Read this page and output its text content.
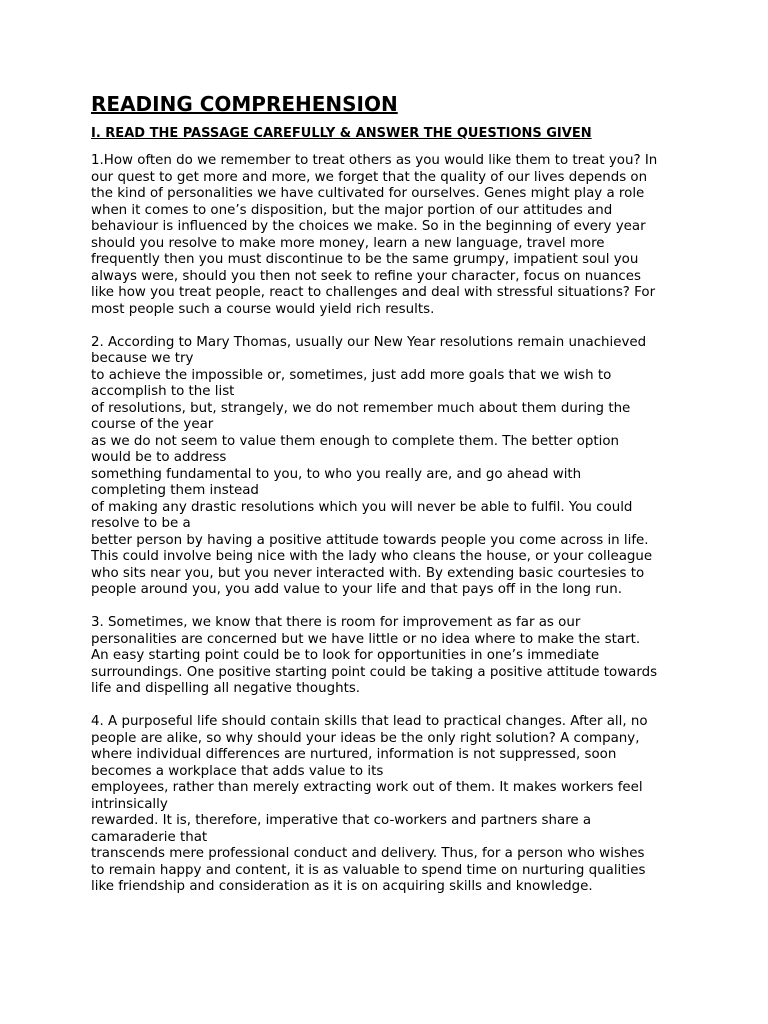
READING COMPREHENSION
I. READ THE PASSAGE CAREFULLY & ANSWER THE QUESTIONS GIVEN
1.How often do we remember to treat others as you would like them to treat you? In
our quest to get more and more, we forget that the quality of our lives depends on
the kind of personalities we have cultivated for ourselves. Genes might play a role
when it comes to one’s disposition, but the major portion of our attitudes and
behaviour is influenced by the choices we make. So in the beginning of every year
should you resolve to make more money, learn a new language, travel more
frequently then you must discontinue to be the same grumpy, impatient soul you
always were, should you then not seek to refine your character, focus on nuances
like how you treat people, react to challenges and deal with stressful situations? For
most people such a course would yield rich results.
2. According to Mary Thomas, usually our New Year resolutions remain unachieved
because we try
to achieve the impossible or, sometimes, just add more goals that we wish to
accomplish to the list
of resolutions, but, strangely, we do not remember much about them during the
course of the year
as we do not seem to value them enough to complete them. The better option
would be to address
something fundamental to you, to who you really are, and go ahead with
completing them instead
of making any drastic resolutions which you will never be able to fulfil. You could
resolve to be a
better person by having a positive attitude towards people you come across in life.
This could involve being nice with the lady who cleans the house, or your colleague
who sits near you, but you never interacted with. By extending basic courtesies to
people around you, you add value to your life and that pays off in the long run.
3. Sometimes, we know that there is room for improvement as far as our
personalities are concerned but we have little or no idea where to make the start.
An easy starting point could be to look for opportunities in one’s immediate
surroundings. One positive starting point could be taking a positive attitude towards
life and dispelling all negative thoughts.
4. A purposeful life should contain skills that lead to practical changes. After all, no
people are alike, so why should your ideas be the only right solution? A company,
where individual differences are nurtured, information is not suppressed, soon
becomes a workplace that adds value to its
employees, rather than merely extracting work out of them. It makes workers feel
intrinsically
rewarded. It is, therefore, imperative that co-workers and partners share a
camaraderie that
transcends mere professional conduct and delivery. Thus, for a person who wishes
to remain happy and content, it is as valuable to spend time on nurturing qualities
like friendship and consideration as it is on acquiring skills and knowledge.
